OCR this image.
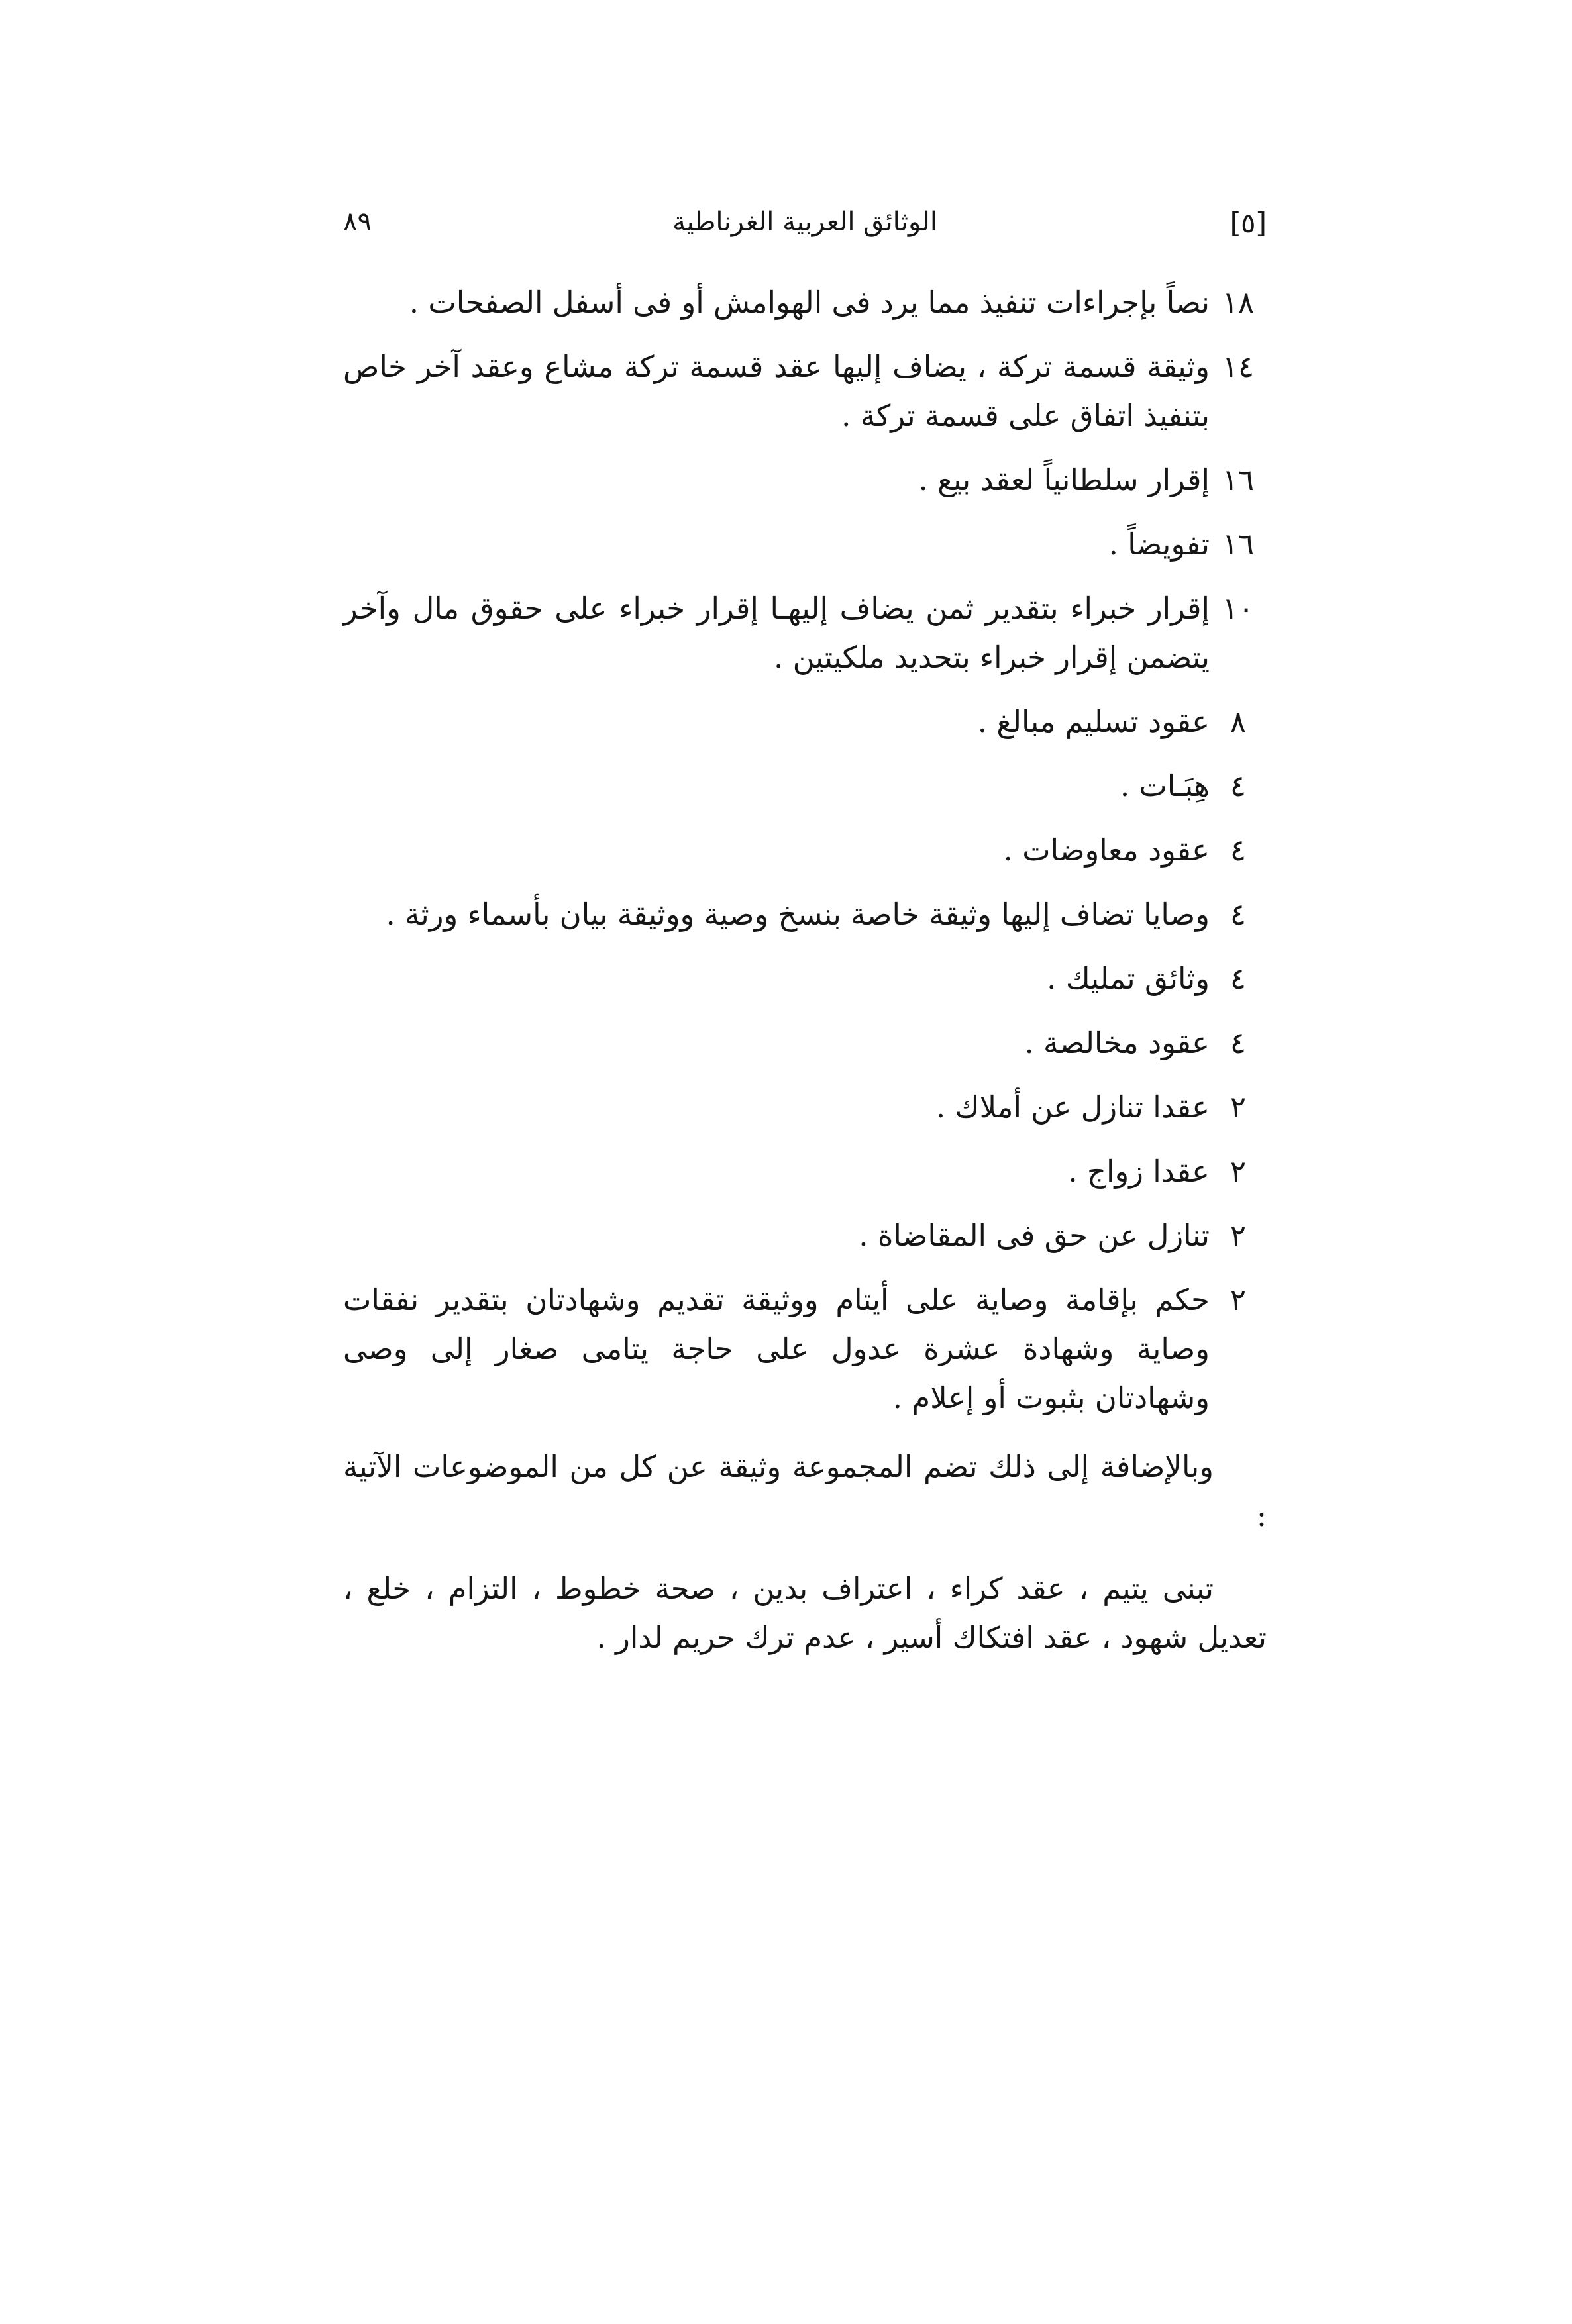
٨٩	الوثائق العربية الغرناطية	[٥]
١٨
نصاً بإجراءات تنفيذ مما يرد فى الهوامش أو فى أسفل الصفحات .
١٤
وثيقة قسمة تركة ، يضاف إليها عقد قسمة تركة مشاع وعقد آخر خاص بتنفيذ اتفاق على قسمة تركة .
١٦
إقرار سلطانياً لعقد بيع .
١٦
تفويضاً .
١٠
إقرار خبراء بتقدير ثمن يضاف إليهـا إقرار خبراء على حقوق مال وآخر يتضمن إقرار خبراء بتحديد ملكيتين .
٨
عقود تسليم مبالغ .
٤
هِبَـات .
٤
عقود معاوضات .
٤
وصايا تضاف إليها وثيقة خاصة بنسخ وصية ووثيقة بيان بأسماء ورثة .
٤
وثائق تمليك .
٤
عقود مخالصة .
٢
عقدا تنازل عن أملاك .
٢
عقدا زواج .
٢
تنازل عن حق فى المقاضاة .
٢
حكم بإقامة وصاية على أيتام ووثيقة تقديم وشهادتان بتقدير نفقات وصاية وشهادة عشرة عدول على حاجة يتامى صغار إلى وصى وشهادتان بثبوت أو إعلام .

وبالإضافة إلى ذلك تضم المجموعة وثيقة عن كل من الموضوعات الآتية :

تبنى يتيم ، عقد كراء ، اعتراف بدين ، صحة خطوط ، التزام ، خلع ، تعديل شهود ، عقد افتكاك أسير ، عدم ترك حريم لدار .
